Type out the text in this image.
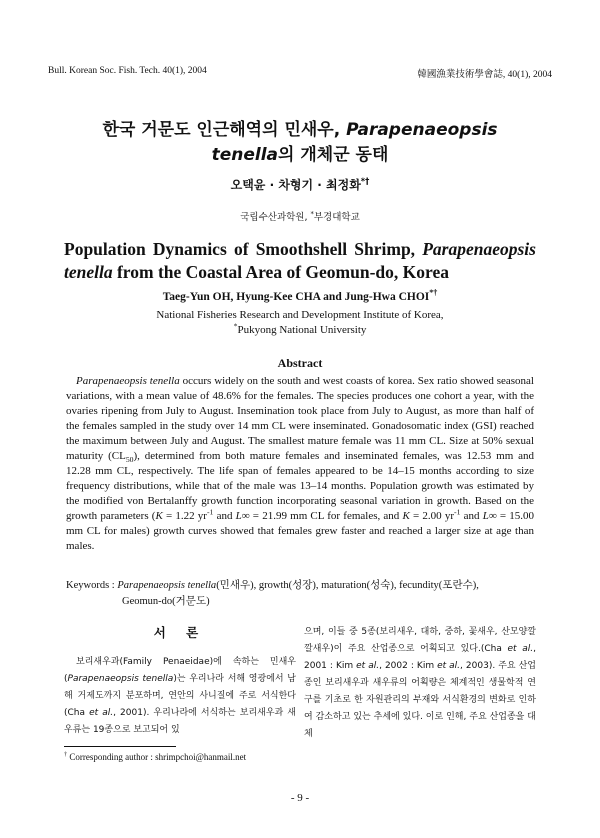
Bull. Korean Soc. Fish. Tech. 40(1), 2004	韓國漁業技術學會誌, 40(1), 2004
한국 거문도 인근해역의 민새우, Parapenaeopsis
tenella의 개체군 동태
오택윤 · 차형기 · 최정화*†
국립수산과학원, *부경대학교
Population Dynamics of Smoothshell Shrimp, Parapenaeopsis
tenella from the Coastal Area of Geomun-do, Korea
Taeg-Yun OH, Hyung-Kee CHA and Jung-Hwa CHOI*†
National Fisheries Research and Development Institute of Korea,
*Pukyong National University
Abstract

Parapenaeopsis tenella occurs widely on the south and west coasts of korea. Sex ratio showed seasonal variations, with a mean value of 48.6% for the females. The species produces one cohort a year, with the ovaries ripening from July to August. Insemination took place from July to August, as more than half of the females sampled in the study over 14 mm CL were inseminated. Gonadosomatic index (GSI) reached the maximum between July and August. The smallest mature female was 11 mm CL. Size at 50% sexual maturity $(CL_{50})$, determined from both mature females and inseminated females, was 12.53 mm and 12.28 mm CL, respectively. The life span of females appeared to be 14–15 months according to size frequency distributions, while that of the male was 13–14 months. Population growth was estimated by the modified von Bertalanffy growth function incorporating seasonal variation in growth. Based on the growth parameters (K = 1.22 $yr^{-1}$ and L∞ = 21.99 mm CL for females, and K = 2.00 $yr^{-1}$ and L∞ = 15.00 mm CL for males) growth curves showed that females grew faster and reached a larger size at age than males.

Keywords : Parapenaeopsis tenella(민새우), growth(성장), maturation(성숙), fecundity(포란수),
Geomun-do(거문도)
서 론

보리새우과(Family Penaeidae)에 속하는 민새우(Parapenaeopsis tenella)는 우리나라 서해 영광에서 남해 거제도까지 분포하며, 연안의 사니질에 주로 서식한다(Cha et al., 2001). 우리나라에 서식하는 보리새우과 새우류는 19종으로 보고되어 있

으며, 이들 중 5종(보리새우, 대하, 중하, 꽃새우, 산모양깔깔새우)이 주요 산업종으로 어획되고 있다.(Cha et al., 2001 : Kim et al., 2002 : Kim et al., 2003). 주요 산업종인 보리새우과 새우류의 어획량은 체계적인 생물학적 연구를 기초로 한 자원관리의 부재와 서식환경의 변화로 인하여 감소하고 있는 추세에 있다. 이로 인해, 주요 산업종을 대체

† Corresponding author : shrimpchoi@hanmail.net
- 9 -
